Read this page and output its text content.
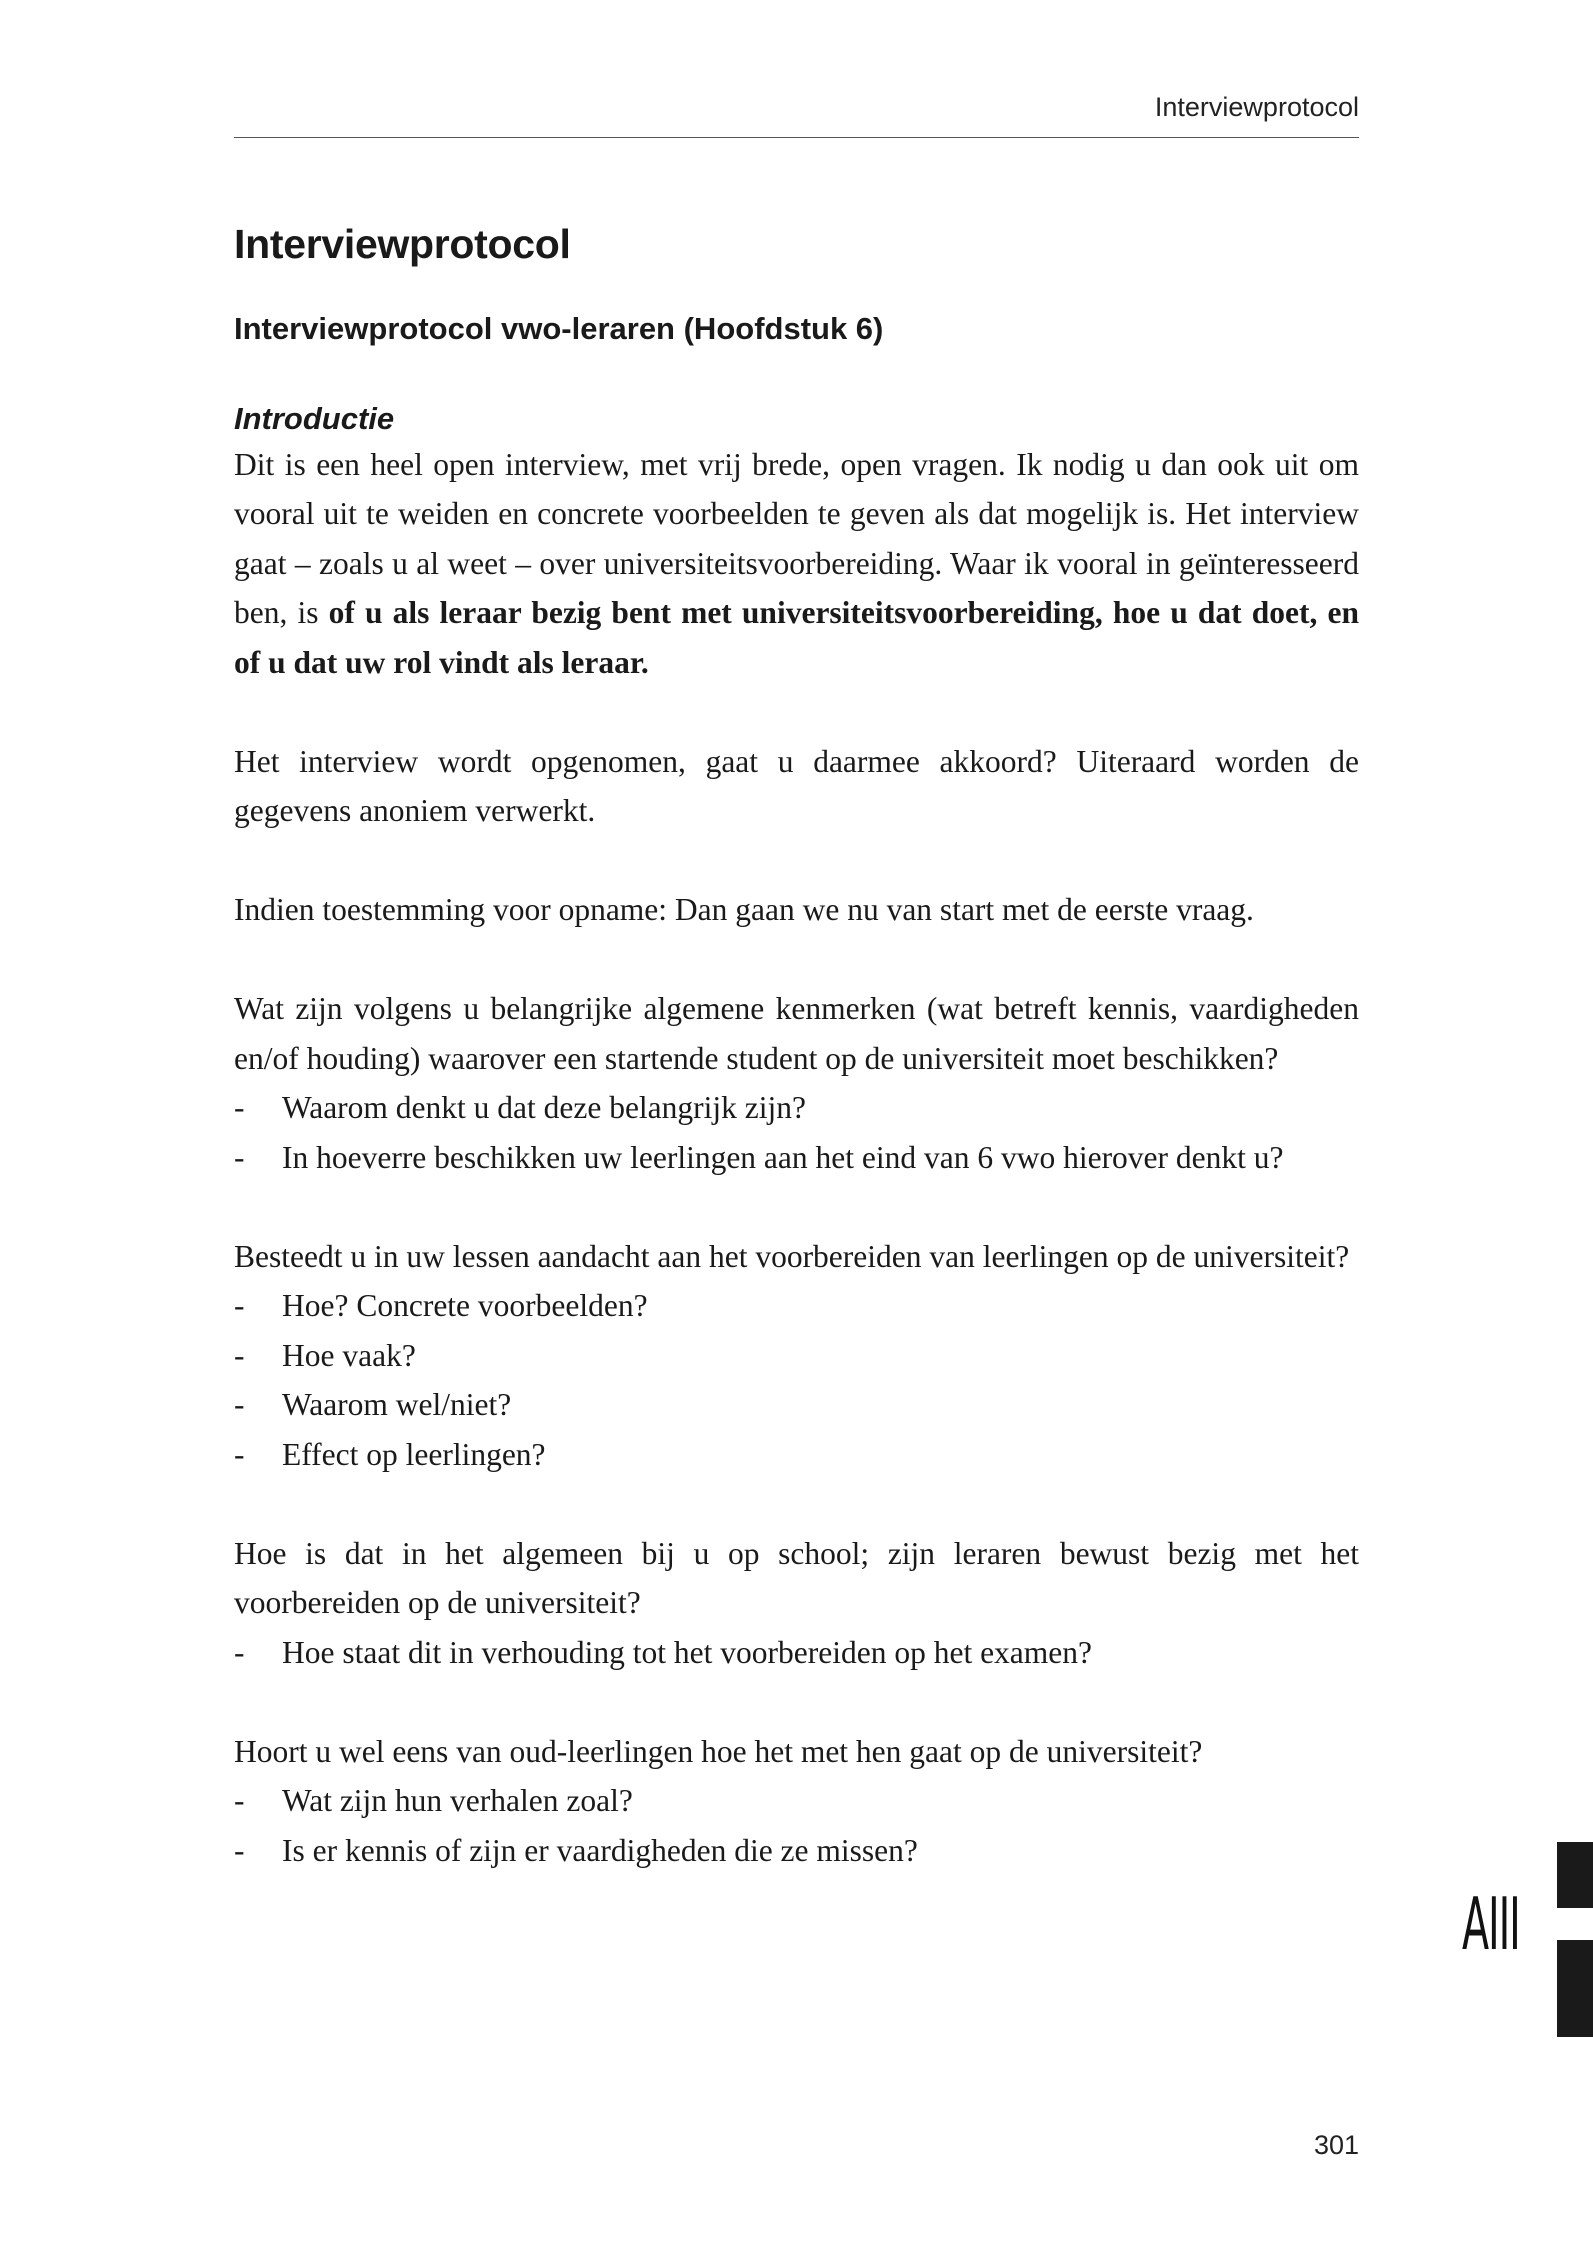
Interviewprotocol
Interviewprotocol
Interviewprotocol vwo-leraren (Hoofdstuk 6)
Introductie

Dit is een heel open interview, met vrij brede, open vragen. Ik nodig u dan ook uit om vooral uit te weiden en concrete voorbeelden te geven als dat mogelijk is. Het interview gaat – zoals u al weet – over universiteitsvoorbereiding. Waar ik vooral in geïnteresseerd ben, is of u als leraar bezig bent met universiteitsvoorbereiding, hoe u dat doet, en of u dat uw rol vindt als leraar.

Het interview wordt opgenomen, gaat u daarmee akkoord? Uiteraard worden de gegevens anoniem verwerkt.

Indien toestemming voor opname: Dan gaan we nu van start met de eerste vraag.

Wat zijn volgens u belangrijke algemene kenmerken (wat betreft kennis, vaardigheden en/of houding) waarover een startende student op de universiteit moet beschikken?

- Waarom denkt u dat deze belangrijk zijn?
- In hoeverre beschikken uw leerlingen aan het eind van 6 vwo hierover denkt u?

Besteedt u in uw lessen aandacht aan het voorbereiden van leerlingen op de universiteit?

- Hoe? Concrete voorbeelden?
- Hoe vaak?
- Waarom wel/niet?
- Effect op leerlingen?

Hoe is dat in het algemeen bij u op school; zijn leraren bewust bezig met het voorbereiden op de universiteit?

- Hoe staat dit in verhouding tot het voorbereiden op het examen?

Hoort u wel eens van oud-leerlingen hoe het met hen gaat op de universiteit?

- Wat zijn hun verhalen zoal?
- Is er kennis of zijn er vaardigheden die ze missen?
AIII
301
